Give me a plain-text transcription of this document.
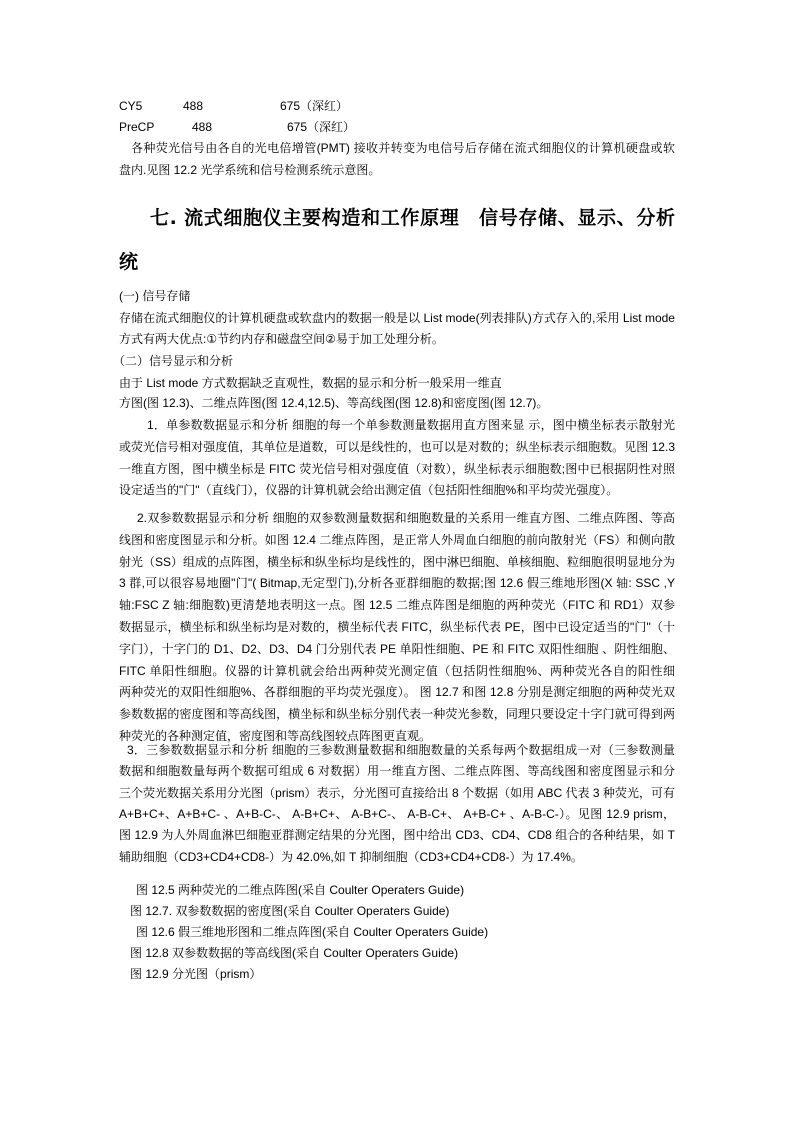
CY5	488	675（深红）
PreCP	488	675（深红）
各种荧光信号由各自的光电倍增管(PMT) 接收并转变为电信号后存储在流式细胞仪的计算机硬盘或软
盘内.见图 12.2 光学系统和信号检测系统示意图。
存储在流式细胞仪的计算机硬盘或软盘内的数据一般是以 List mode(列表排队)方式存入的,采用 List mode
方式有两大优点:①节约内存和磁盘空间②易于加工处理分析。
由于 List mode 方式数据缺乏直观性，数据的显示和分析一般采用一维直
方图(图 12.3)、二维点阵图(图 12.4,12.5)、等高线图(图 12.8)和密度图(图 12.7)。
1．单参数数据显示和分析 细胞的每一个单参数测量数据用直方图来显 示，图中横坐标表示散射光
或荧光信号相对强度值，其单位是道数，可以是线性的，也可以是对数的；纵坐标表示细胞数。见图 12.3
一维直方图，图中横坐标是 FITC 荧光信号相对强度值（对数），纵坐标表示细胞数;图中已根据阴性对照
设定适当的"门"（直线门），仪器的计算机就会给出测定值（包括阳性细胞%和平均荧光强度）。
2.双参数数据显示和分析 细胞的双参数测量数据和细胞数量的关系用一维直方图、二维点阵图、等高
线图和密度图显示和分析。如图 12.4 二维点阵图，是正常人外周血白细胞的前向散射光（FS）和侧向散
射光（SS）组成的点阵图，横坐标和纵坐标均是线性的，图中淋巴细胞、单核细胞、粒细胞很明显地分为
3 群,可以很容易地圈"门"( Bitmap,无定型门),分析各亚群细胞的数据;图 12.6 假三维地形图(X 轴: SSC ,Y
轴:FSC Z 轴:细胞数)更清楚地表明这一点。图 12.5 二维点阵图是细胞的两种荧光（FITC 和 RD1）双参
数据显示，横坐标和纵坐标均是对数的，横坐标代表 FITC，纵坐标代表 PE，图中已设定适当的"门"（十
字门），十字门的 D1、D2、D3、D4 门分别代表 PE 单阳性细胞、PE 和 FITC 双阳性细胞 、阴性细胞、
FITC 单阳性细胞。仪器的计算机就会给出两种荧光测定值（包括阴性细胞%、两种荧光各自的阳性细
两种荧光的双阳性细胞%、各群细胞的平均荧光强度）。 图 12.7 和图 12.8 分别是测定细胞的两种荧光双
参数数据的密度图和等高线图，横坐标和纵坐标分别代表一种荧光参数，同理只要设定十字门就可得到两
种荧光的各种测定值，密度图和等高线图较点阵图更直观。
3．三参数数据显示和分析 细胞的三参数测量数据和细胞数量的关系每两个数据组成一对（三参数测量
数据和细胞数量每两个数据可组成 6 对数据）用一维直方图、二维点阵图、等高线图和密度图显示和分
三个荧光数据关系用分光图（prism）表示，分光图可直接给出 8 个数据（如用 ABC 代表 3 种荧光，可有
A+B+C+、A+B+C- 、A+B-C-、 A-B+C+、 A-B+C-、 A-B-C+、 A+B-C+ 、A-B-C-）。见图 12.9 prism，
图 12.9 为人外周血淋巴细胞亚群测定结果的分光图，图中给出 CD3、CD4、CD8 组合的各种结果，如 T
辅助细胞（CD3+CD4+CD8-）为 42.0%,如 T 抑制细胞（CD3+CD4+CD8-）为 17.4%。
七. 流式细胞仪主要构造和工作原理　信号存储、显示、分析
统
(一) 信号存储
（二）信号显示和分析
图 12.5 两种荧光的二维点阵图(采自 Coulter Operaters Guide)
图 12.7. 双参数数据的密度图(采自 Coulter Operaters Guide)
图 12.6 假三维地形图和二维点阵图(采自 Coulter Operaters Guide)
图 12.8 双参数数据的等高线图(采自 Coulter Operaters Guide)
图 12.9 分光图（prism）
